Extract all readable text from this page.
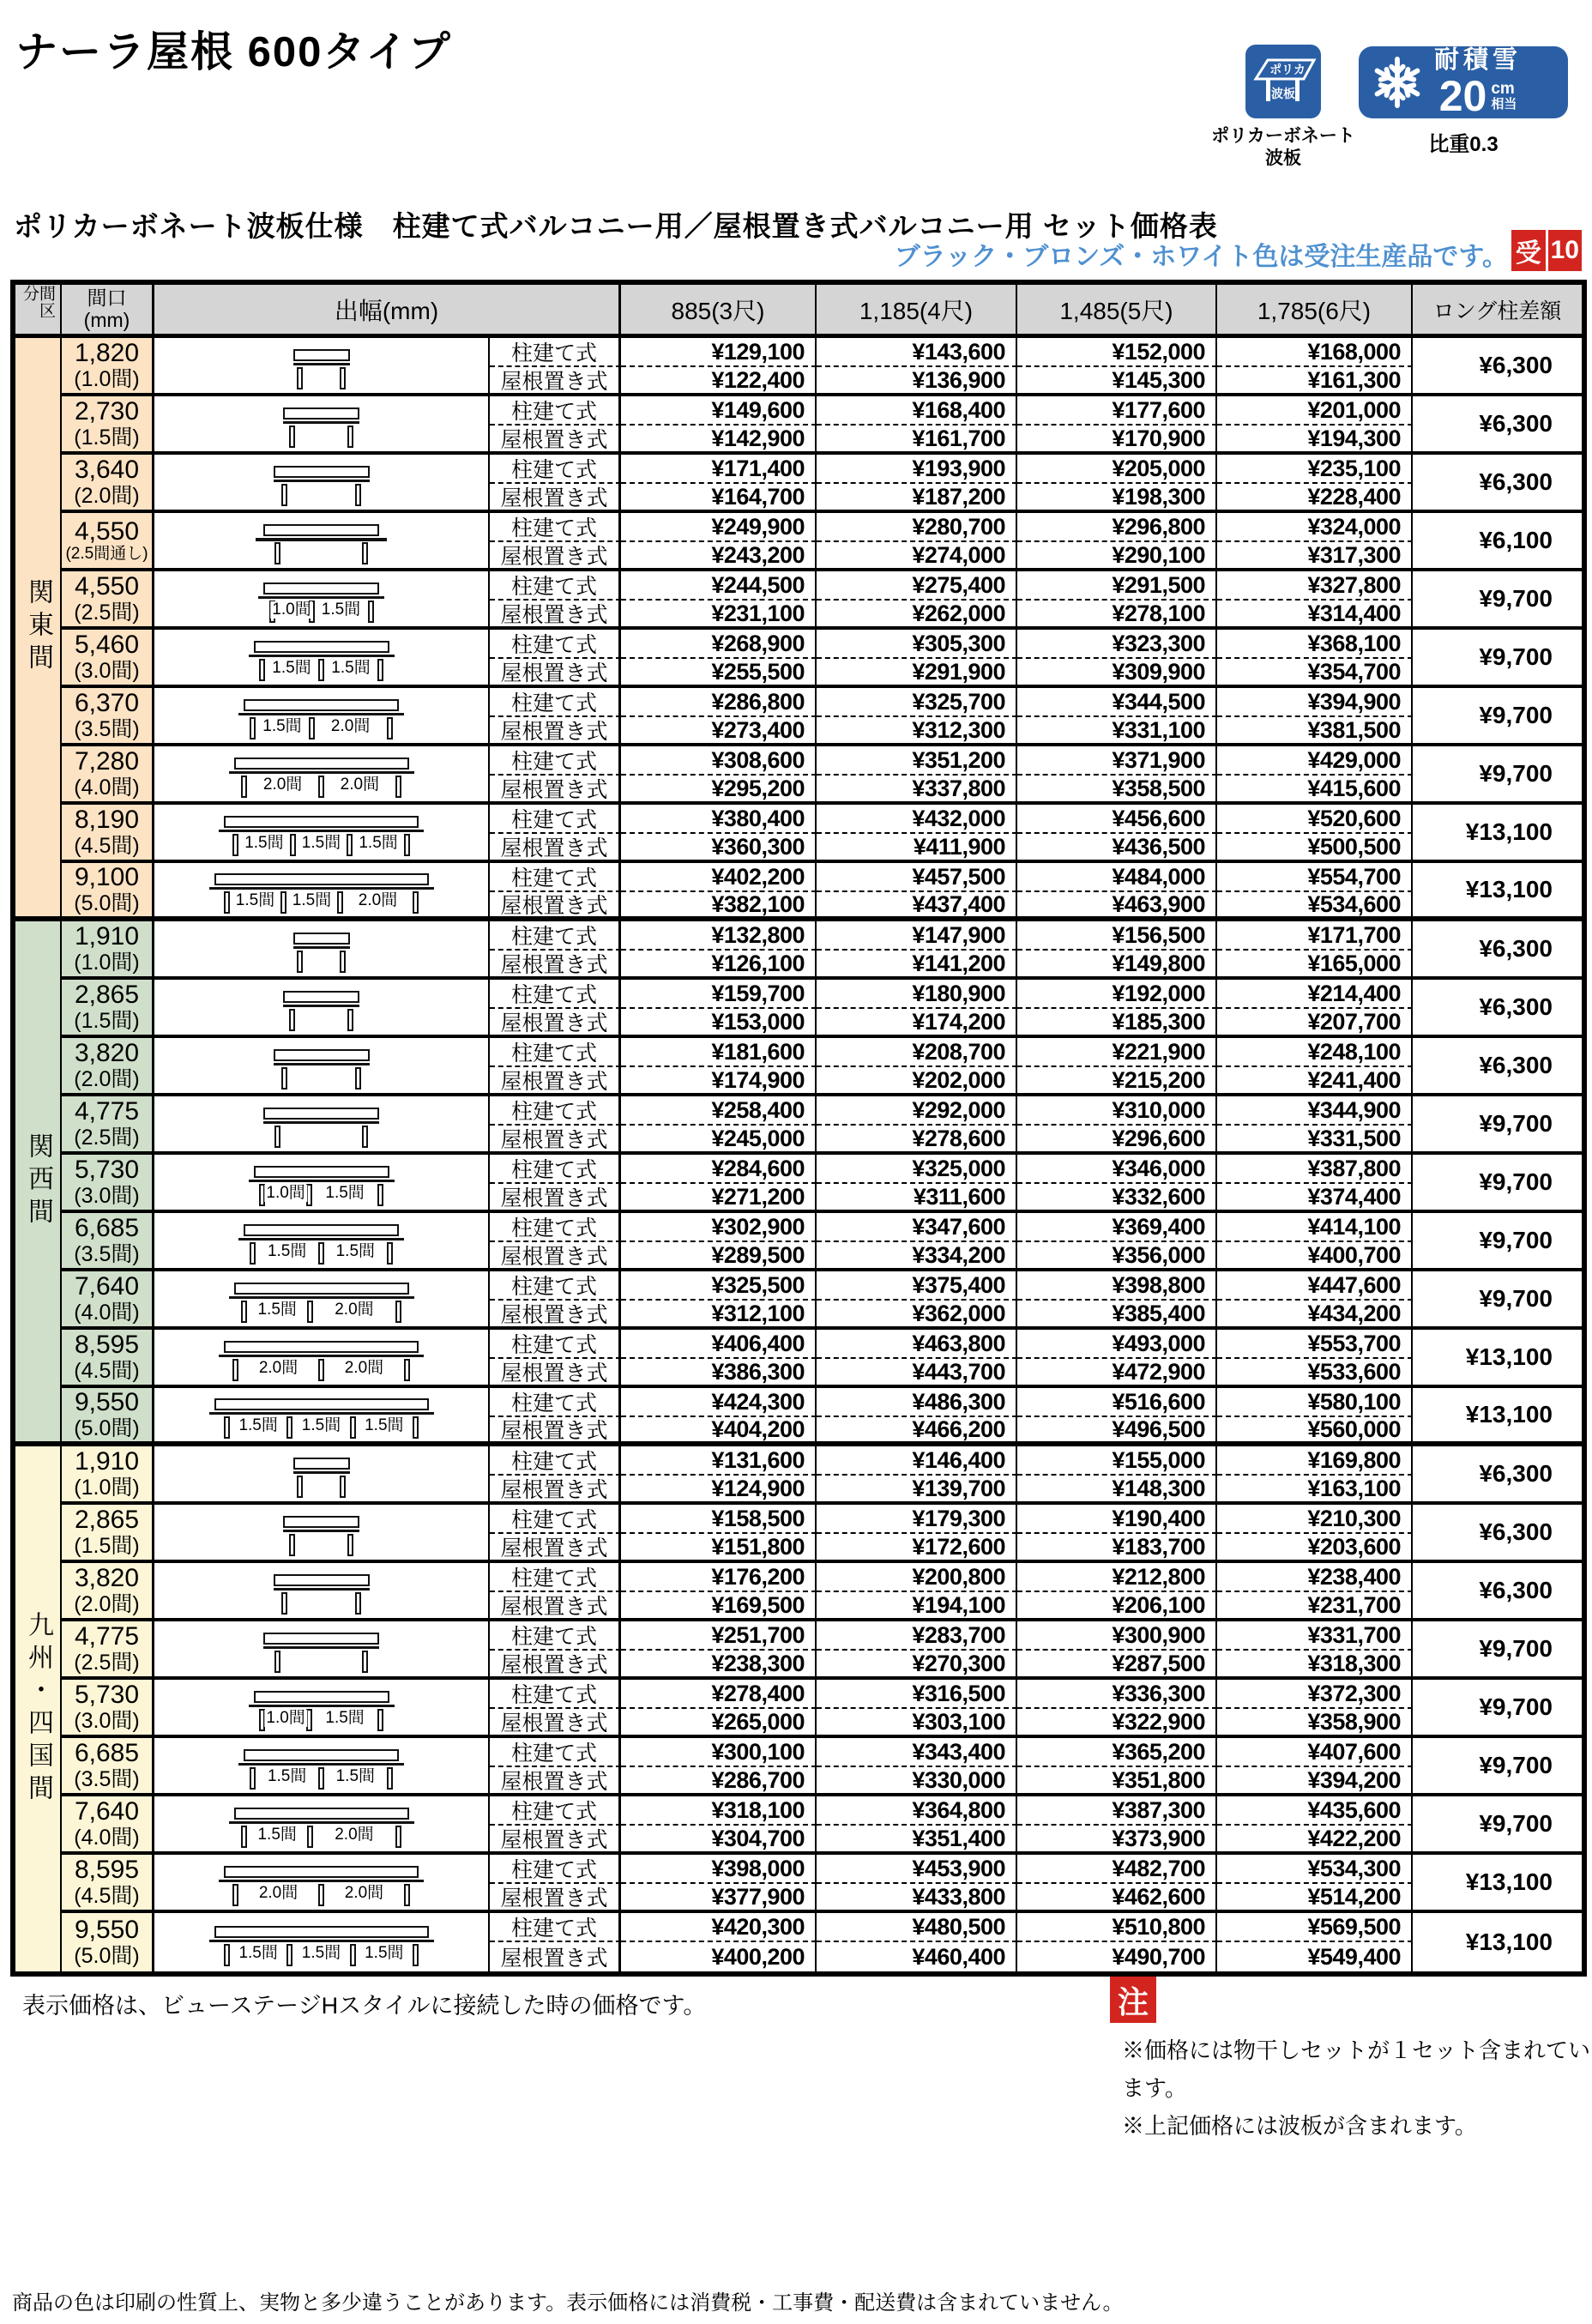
ナーラ屋根 600タイプ	ポリカ
波板
ポリカーボネート
波板
耐積雪
20 cm
相当
比重0.3
ポリカーボネート波板仕様　柱建て式バルコニー用／屋根置き式バルコニー用 セット価格表
ブラック・ブロンズ・ホワイト色は受注生産品です。 受 10
間区分	間口
(mm)	出幅(mm)	885(3尺)	1,185(4尺)	1,485(5尺)	1,785(6尺)	ロング柱差額
関東間
1,820
(1.0間)
柱建て式
屋根置き式
¥129,100	¥143,600	¥152,000	¥168,000
¥122,400	¥136,900	¥145,300	¥161,300
¥6,300
2,730
(1.5間)
柱建て式
屋根置き式
¥149,600	¥168,400	¥177,600	¥201,000
¥142,900	¥161,700	¥170,900	¥194,300
¥6,300
3,640
(2.0間)
柱建て式
屋根置き式
¥171,400	¥193,900	¥205,000	¥235,100
¥164,700	¥187,200	¥198,300	¥228,400
¥6,300
4,550
(2.5間通し)
柱建て式
屋根置き式
¥249,900	¥280,700	¥296,800	¥324,000
¥243,200	¥274,000	¥290,100	¥317,300
¥6,100
4,550
(2.5間)	1.0間 1.5間
柱建て式
屋根置き式
¥244,500	¥275,400	¥291,500	¥327,800
¥231,100	¥262,000	¥278,100	¥314,400
¥9,700
5,460
(3.0間)	1.5間 1.5間
柱建て式
屋根置き式
¥268,900	¥305,300	¥323,300	¥368,100
¥255,500	¥291,900	¥309,900	¥354,700
¥9,700
6,370
(3.5間)	1.5間 2.0間
柱建て式
屋根置き式
¥286,800	¥325,700	¥344,500	¥394,900
¥273,400	¥312,300	¥331,100	¥381,500
¥9,700
7,280
(4.0間)	2.0間 2.0間
柱建て式
屋根置き式
¥308,600	¥351,200	¥371,900	¥429,000
¥295,200	¥337,800	¥358,500	¥415,600
¥9,700
8,190
(4.5間)	1.5間 1.5間 1.5間
柱建て式
屋根置き式
¥380,400	¥432,000	¥456,600	¥520,600
¥360,300	¥411,900	¥436,500	¥500,500
¥13,100
9,100
(5.0間)	1.5間 1.5間 2.0間
柱建て式
屋根置き式
¥402,200	¥457,500	¥484,000	¥554,700
¥382,100	¥437,400	¥463,900	¥534,600
¥13,100
関西間
1,910
(1.0間)
柱建て式
屋根置き式
¥132,800	¥147,900	¥156,500	¥171,700
¥126,100	¥141,200	¥149,800	¥165,000
¥6,300
2,865
(1.5間)
柱建て式
屋根置き式
¥159,700	¥180,900	¥192,000	¥214,400
¥153,000	¥174,200	¥185,300	¥207,700
¥6,300
3,820
(2.0間)
柱建て式
屋根置き式
¥181,600	¥208,700	¥221,900	¥248,100
¥174,900	¥202,000	¥215,200	¥241,400
¥6,300
4,775
(2.5間)
柱建て式
屋根置き式
¥258,400	¥292,000	¥310,000	¥344,900
¥245,000	¥278,600	¥296,600	¥331,500
¥9,700
5,730
(3.0間)	1.0間 1.5間
柱建て式
屋根置き式
¥284,600	¥325,000	¥346,000	¥387,800
¥271,200	¥311,600	¥332,600	¥374,400
¥9,700
6,685
(3.5間)	1.5間 1.5間
柱建て式
屋根置き式
¥302,900	¥347,600	¥369,400	¥414,100
¥289,500	¥334,200	¥356,000	¥400,700
¥9,700
7,640
(4.0間)	1.5間 2.0間
柱建て式
屋根置き式
¥325,500	¥375,400	¥398,800	¥447,600
¥312,100	¥362,000	¥385,400	¥434,200
¥9,700
8,595
(4.5間)	2.0間	2.0間
柱建て式
屋根置き式
¥406,400	¥463,800	¥493,000	¥553,700
¥386,300	¥443,700	¥472,900	¥533,600
¥13,100
9,550
(5.0間)	1.5間 1.5間 1.5間
柱建て式
屋根置き式
¥424,300	¥486,300	¥516,600	¥580,100
¥404,200	¥466,200	¥496,500	¥560,000
¥13,100
九州・四国間
1,910
(1.0間)
柱建て式
屋根置き式
¥131,600	¥146,400	¥155,000	¥169,800
¥124,900	¥139,700	¥148,300	¥163,100
¥6,300
2,865
(1.5間)
柱建て式
屋根置き式
¥158,500	¥179,300	¥190,400	¥210,300
¥151,800	¥172,600	¥183,700	¥203,600
¥6,300
3,820
(2.0間)
柱建て式
屋根置き式
¥176,200	¥200,800	¥212,800	¥238,400
¥169,500	¥194,100	¥206,100	¥231,700
¥6,300
4,775
(2.5間)
柱建て式
屋根置き式
¥251,700	¥283,700	¥300,900	¥331,700
¥238,300	¥270,300	¥287,500	¥318,300
¥9,700
5,730
(3.0間)	1.0間 1.5間
柱建て式
屋根置き式
¥278,400	¥316,500	¥336,300	¥372,300
¥265,000	¥303,100	¥322,900	¥358,900
¥9,700
6,685
(3.5間)	1.5間 1.5間
柱建て式
屋根置き式
¥300,100	¥343,400	¥365,200	¥407,600
¥286,700	¥330,000	¥351,800	¥394,200
¥9,700
7,640
(4.0間)	1.5間 2.0間
柱建て式
屋根置き式
¥318,100	¥364,800	¥387,300	¥435,600
¥304,700	¥351,400	¥373,900	¥422,200
¥9,700
8,595
(4.5間)	2.0間	2.0間
柱建て式
屋根置き式
¥398,000	¥453,900	¥482,700	¥534,300
¥377,900	¥433,800	¥462,600	¥514,200
¥13,100
9,550
(5.0間)	1.5間 1.5間 1.5間
柱建て式
屋根置き式
¥420,300	¥480,500	¥510,800	¥569,500
¥400,200	¥460,400	¥490,700	¥549,400
¥13,100
表示価格は、ビューステージHスタイルに接続した時の価格です。	注
※価格には物干しセットが１セット含まれています。
※上記価格には波板が含まれます。
商品の色は印刷の性質上、実物と多少違うことがあります。表示価格には消費税・工事費・配送費は含まれていません。
